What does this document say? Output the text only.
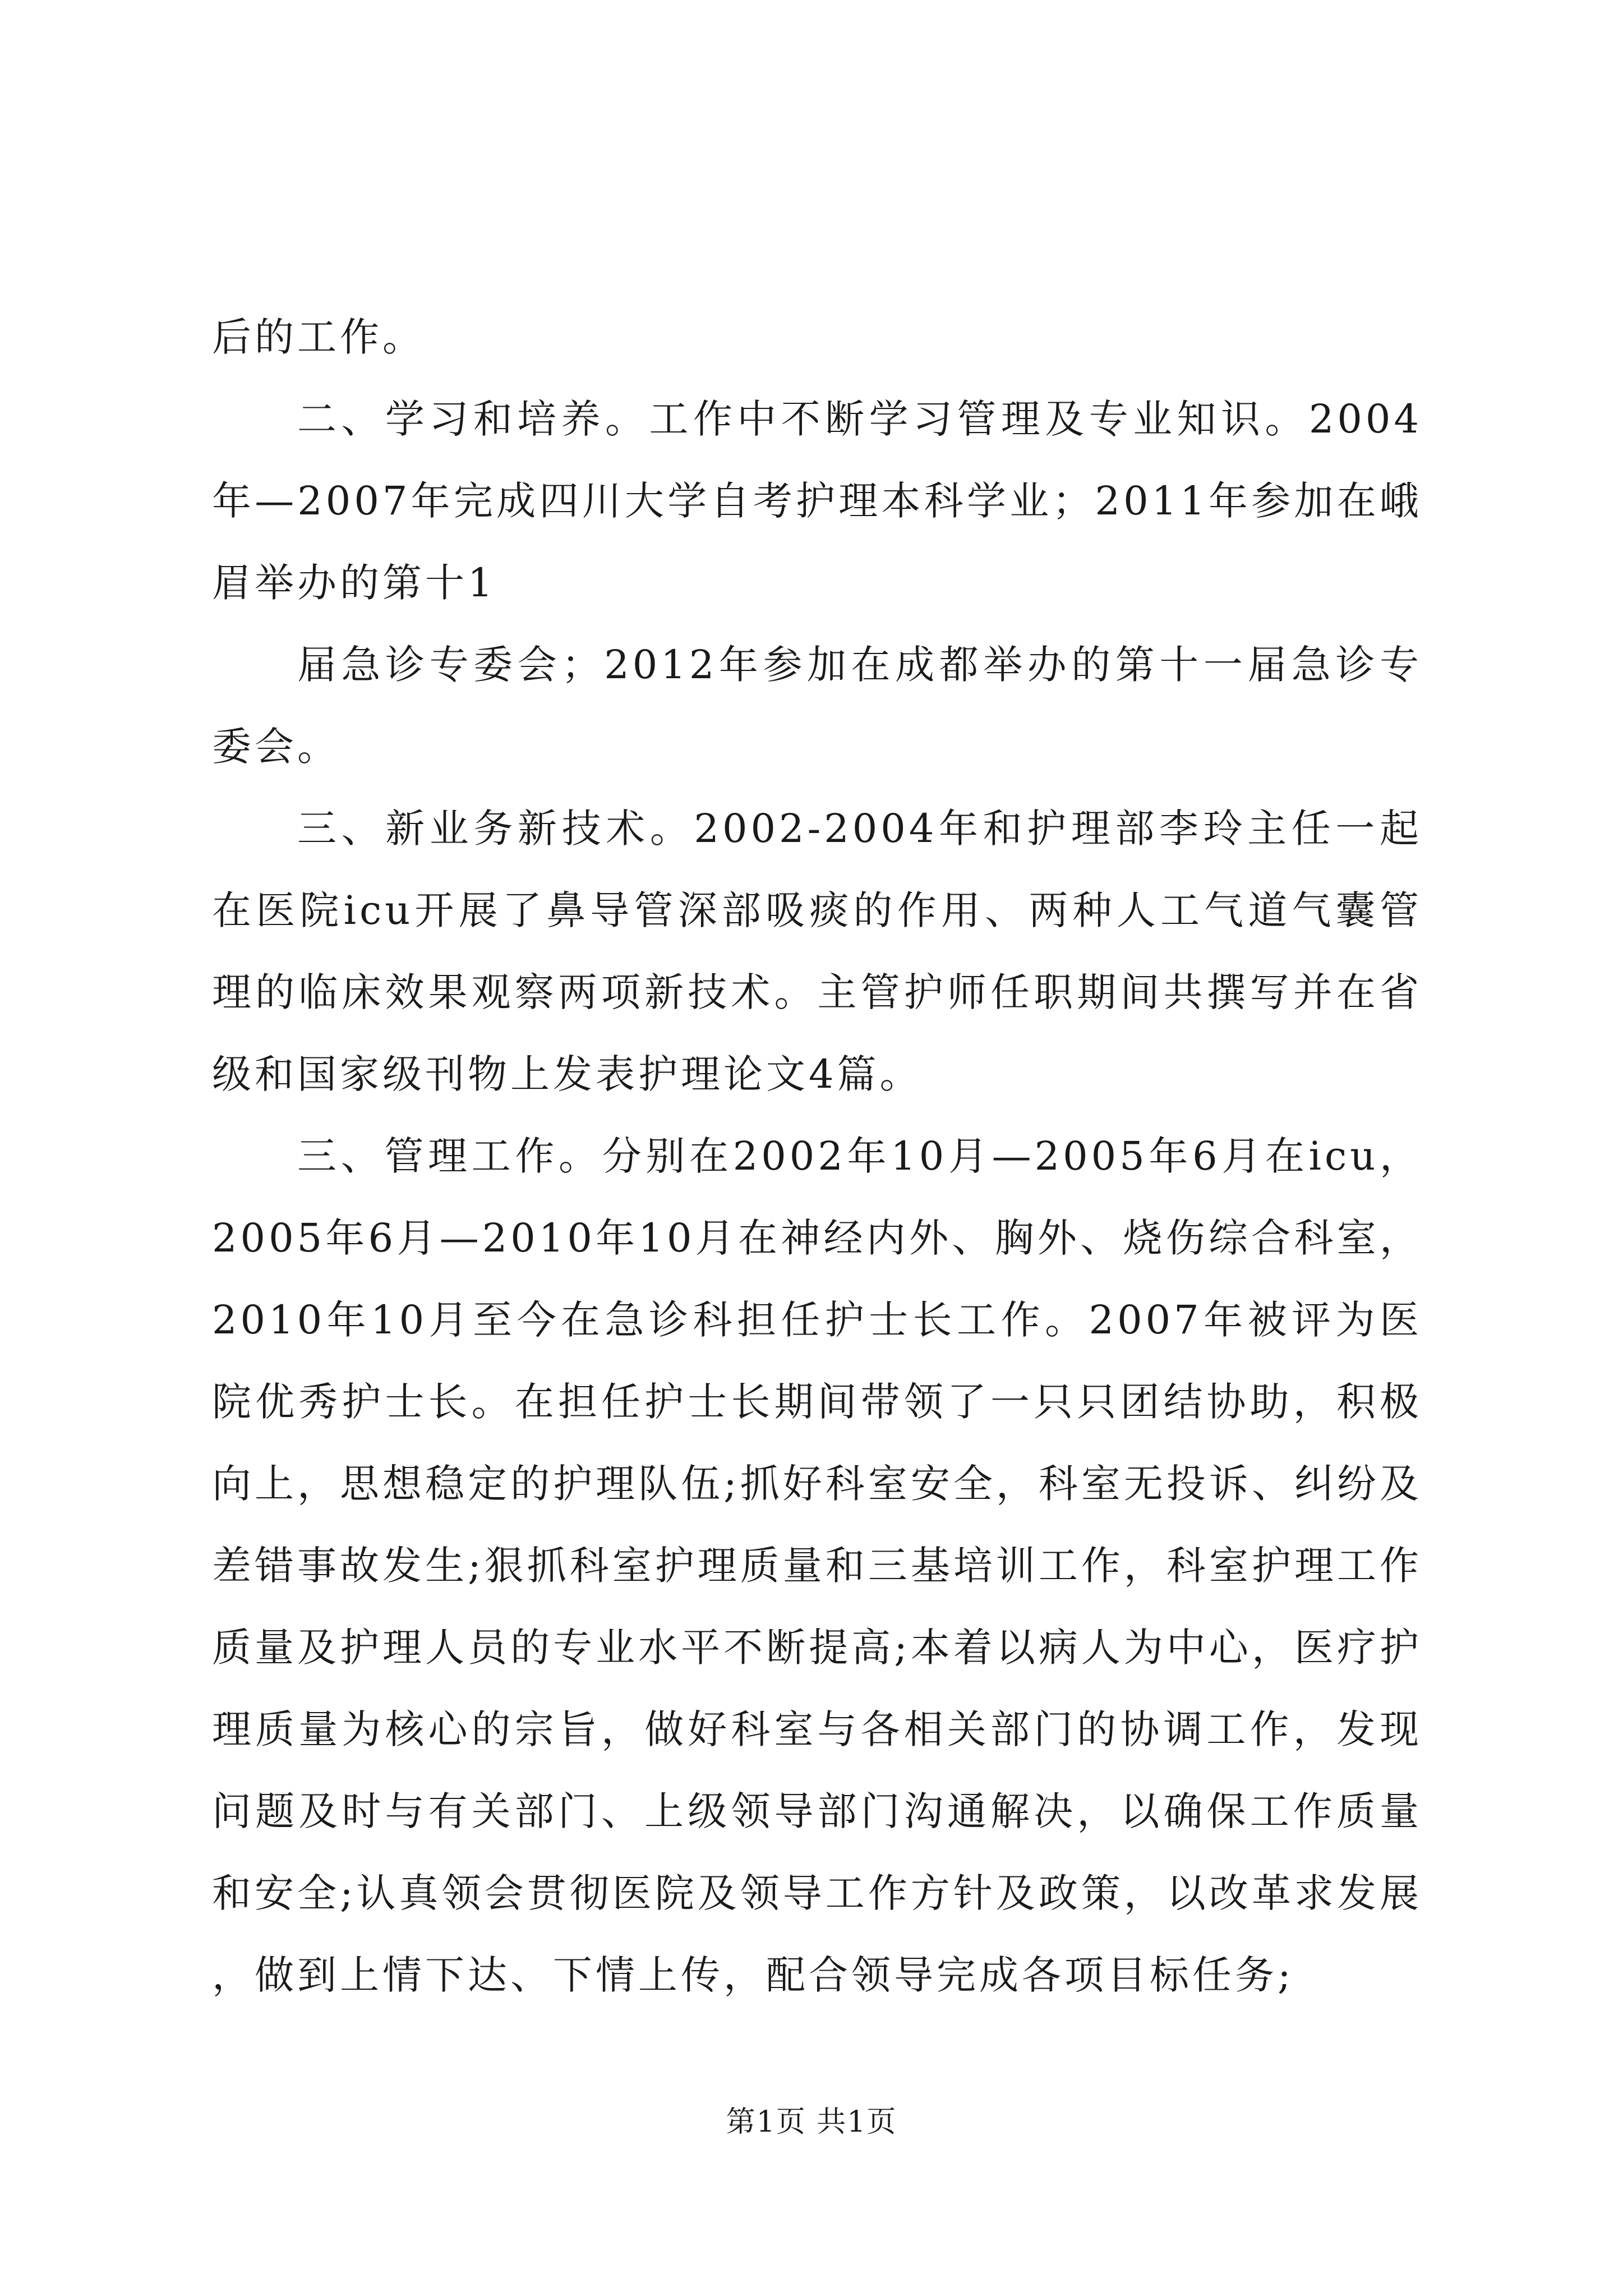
后的工作。

二、学习和培养。工作中不断学习管理及专业知识。2004年—2007年完成四川大学自考护理本科学业；2011年参加在峨眉举办的第十1

届急诊专委会；2012年参加在成都举办的第十一届急诊专委会。

三、新业务新技术。2002-2004年和护理部李玲主任一起在医院icu开展了鼻导管深部吸痰的作用、两种人工气道气囊管理的临床效果观察两项新技术。主管护师任职期间共撰写并在省级和国家级刊物上发表护理论文4篇。

三、管理工作。分别在2002年10月—2005年6月在icu，2005年6月—2010年10月在神经内外、胸外、烧伤综合科室，2010年10月至今在急诊科担任护士长工作。2007年被评为医院优秀护士长。在担任护士长期间带领了一只只团结协助，积极向上，思想稳定的护理队伍;抓好科室安全，科室无投诉、纠纷及差错事故发生;狠抓科室护理质量和三基培训工作，科室护理工作质量及护理人员的专业水平不断提高;本着以病人为中心，医疗护理质量为核心的宗旨，做好科室与各相关部门的协调工作，发现问题及时与有关部门、上级领导部门沟通解决，以确保工作质量和安全;认真领会贯彻医院及领导工作方针及政策，以改革求发展，做到上情下达、下情上传，配合领导完成各项目标任务;

第1页 共1页
